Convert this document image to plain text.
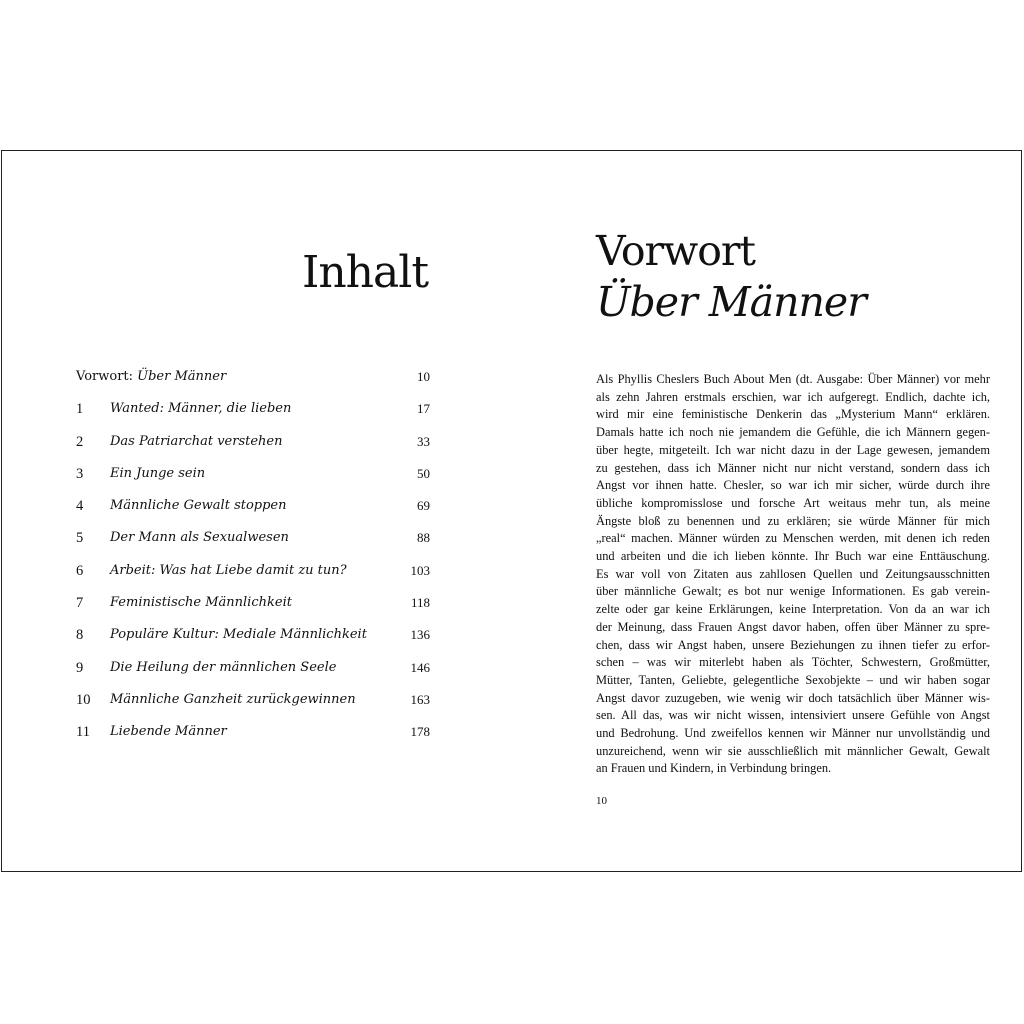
Inhalt
Vorwort: Über Männer	10
1 Wanted: Männer, die lieben	17
2 Das Patriarchat verstehen	33
3 Ein Junge sein	50
4 Männliche Gewalt stoppen	69
5 Der Mann als Sexualwesen	88
6 Arbeit: Was hat Liebe damit zu tun?	103
7 Feministische Männlichkeit	118
8 Populäre Kultur: Mediale Männlichkeit	136
9 Die Heilung der männlichen Seele	146
10 Männliche Ganzheit zurückgewinnen	163
11 Liebende Männer	178
Vorwort
Über Männer

Als Phyllis Cheslers Buch About Men (dt. Ausgabe: Über Männer) vor mehr
als zehn Jahren erstmals erschien, war ich aufgeregt. Endlich, dachte ich,
wird mir eine feministische Denkerin das „Mysterium Mann“ erklären.
Damals hatte ich noch nie jemandem die Gefühle, die ich Männern gegen-
über hegte, mitgeteilt. Ich war nicht dazu in der Lage gewesen, jemandem
zu gestehen, dass ich Männer nicht nur nicht verstand, sondern dass ich
Angst vor ihnen hatte. Chesler, so war ich mir sicher, würde durch ihre
übliche kompromisslose und forsche Art weitaus mehr tun, als meine
Ängste bloß zu benennen und zu erklären; sie würde Männer für mich
„real“ machen. Männer würden zu Menschen werden, mit denen ich reden
und arbeiten und die ich lieben könnte. Ihr Buch war eine Enttäuschung.
Es war voll von Zitaten aus zahllosen Quellen und Zeitungsausschnitten
über männliche Gewalt; es bot nur wenige Informationen. Es gab verein-
zelte oder gar keine Erklärungen, keine Interpretation. Von da an war ich
der Meinung, dass Frauen Angst davor haben, offen über Männer zu spre-
chen, dass wir Angst haben, unsere Beziehungen zu ihnen tiefer zu erfor-
schen – was wir miterlebt haben als Töchter, Schwestern, Großmütter,
Mütter, Tanten, Geliebte, gelegentliche Sexobjekte – und wir haben sogar
Angst davor zuzugeben, wie wenig wir doch tatsächlich über Männer wis-
sen. All das, was wir nicht wissen, intensiviert unsere Gefühle von Angst
und Bedrohung. Und zweifellos kennen wir Männer nur unvollständig und
unzureichend, wenn wir sie ausschließlich mit männlicher Gewalt, Gewalt
an Frauen und Kindern, in Verbindung bringen.

10
